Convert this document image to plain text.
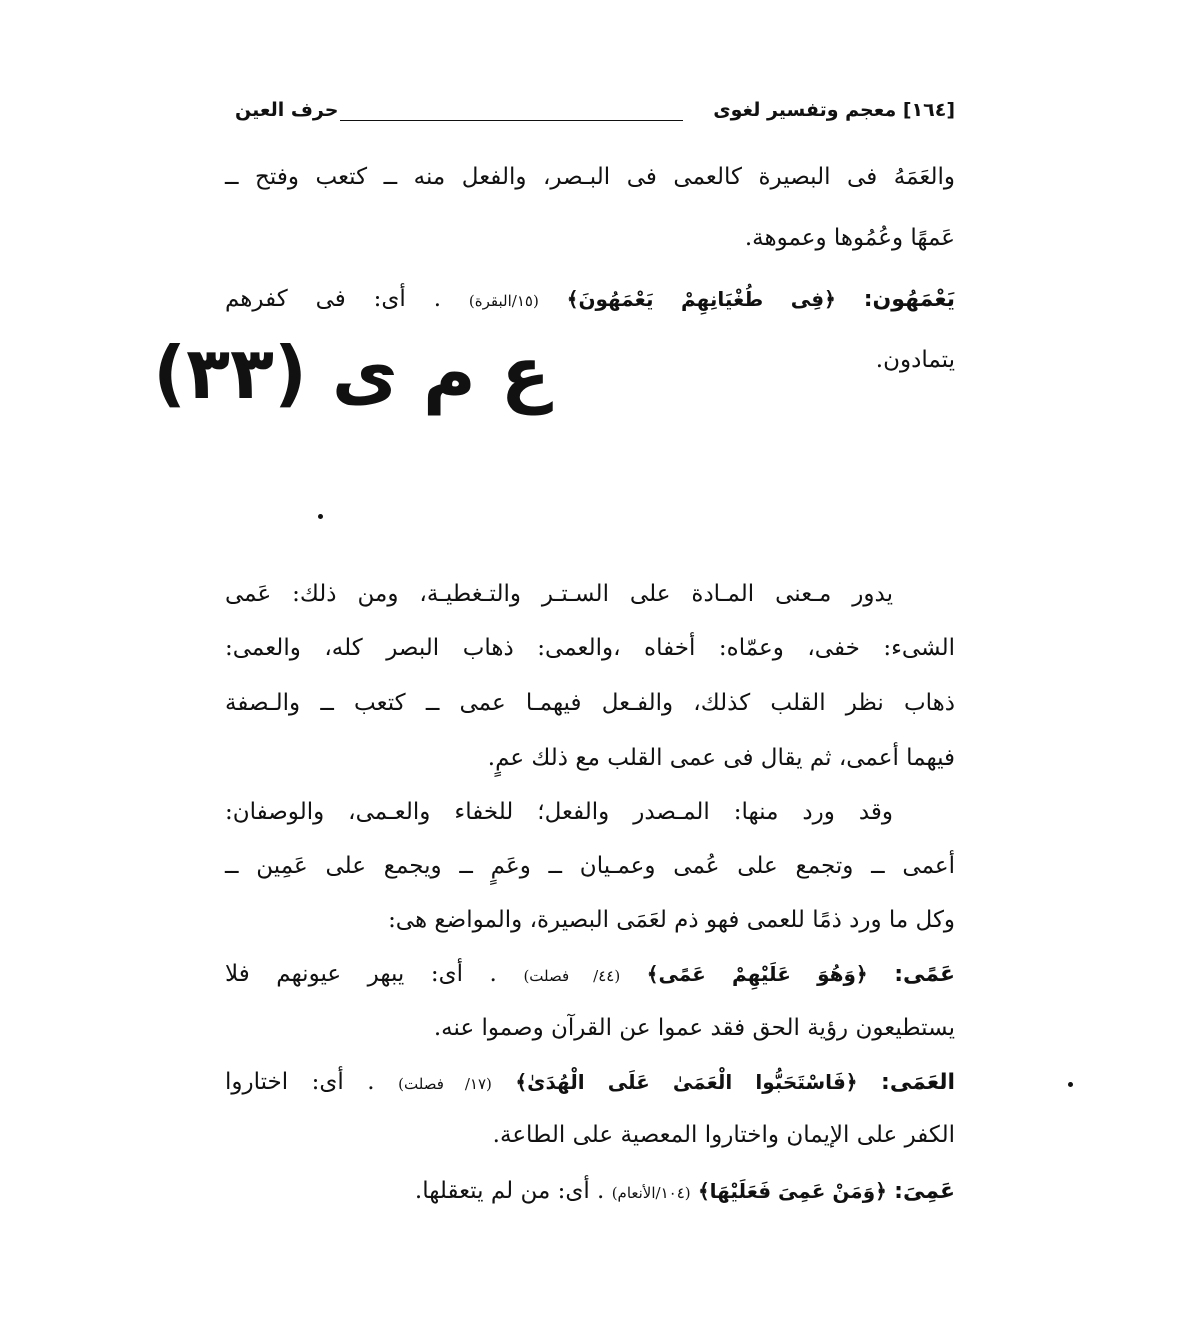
[١٦٤] معجم وتفسير لغوى
حرف العين
والعَمَهُ فى البصيرة كالعمى فى البـصر، والفعل منه ــ كتعب وفتح ــ
عَمهًا وعُمُوها وعموهة.
يَعْمَهُون: ﴿فِى طُغْيَانِهِمْ يَعْمَهُونَ﴾ (١٥/البقرة) . أى: فى كفرهم
يتمادون.
يدور مـعنى المـادة على السـتـر والتـغطيـة، ومن ذلك: عَمى
الشىء: خفى، وعمّاه: أخفاه ،والعمى: ذهاب البصر كله، والعمى:
ذهاب نظر القلب كذلك، والفـعل فيهمـا عمى ــ كتعب ــ والـصفة
فيهما أعمى، ثم يقال فى عمى القلب مع ذلك عمٍ.
وقد ورد منها: المـصدر والفعل؛ للخفاء والعـمى، والوصفان:
أعمى ــ وتجمع على عُمى وعمـيان ــ وعَمٍ ــ ويجمع على عَمِين ــ
وكل ما ورد ذمًا للعمى فهو ذم لعَمَى البصيرة، والمواضع هى:
عَمًى: ﴿وَهُوَ عَلَيْهِمْ عَمًى﴾ (٤٤/ فصلت) . أى: يبهر عيونهم فلا
يستطيعون رؤية الحق فقد عموا عن القرآن وصموا عنه.
العَمَى: ﴿فَاسْتَحَبُّوا الْعَمَىٰ عَلَى الْهُدَىٰ﴾ (١٧/ فصلت) . أى: اختاروا
الكفر على الإيمان واختاروا المعصية على الطاعة.
عَمِىَ: ﴿وَمَنْ عَمِىَ فَعَلَيْهَا﴾ (١٠٤/الأنعام) . أى: من لم يتعقلها.
ع م ى (٣٣)
